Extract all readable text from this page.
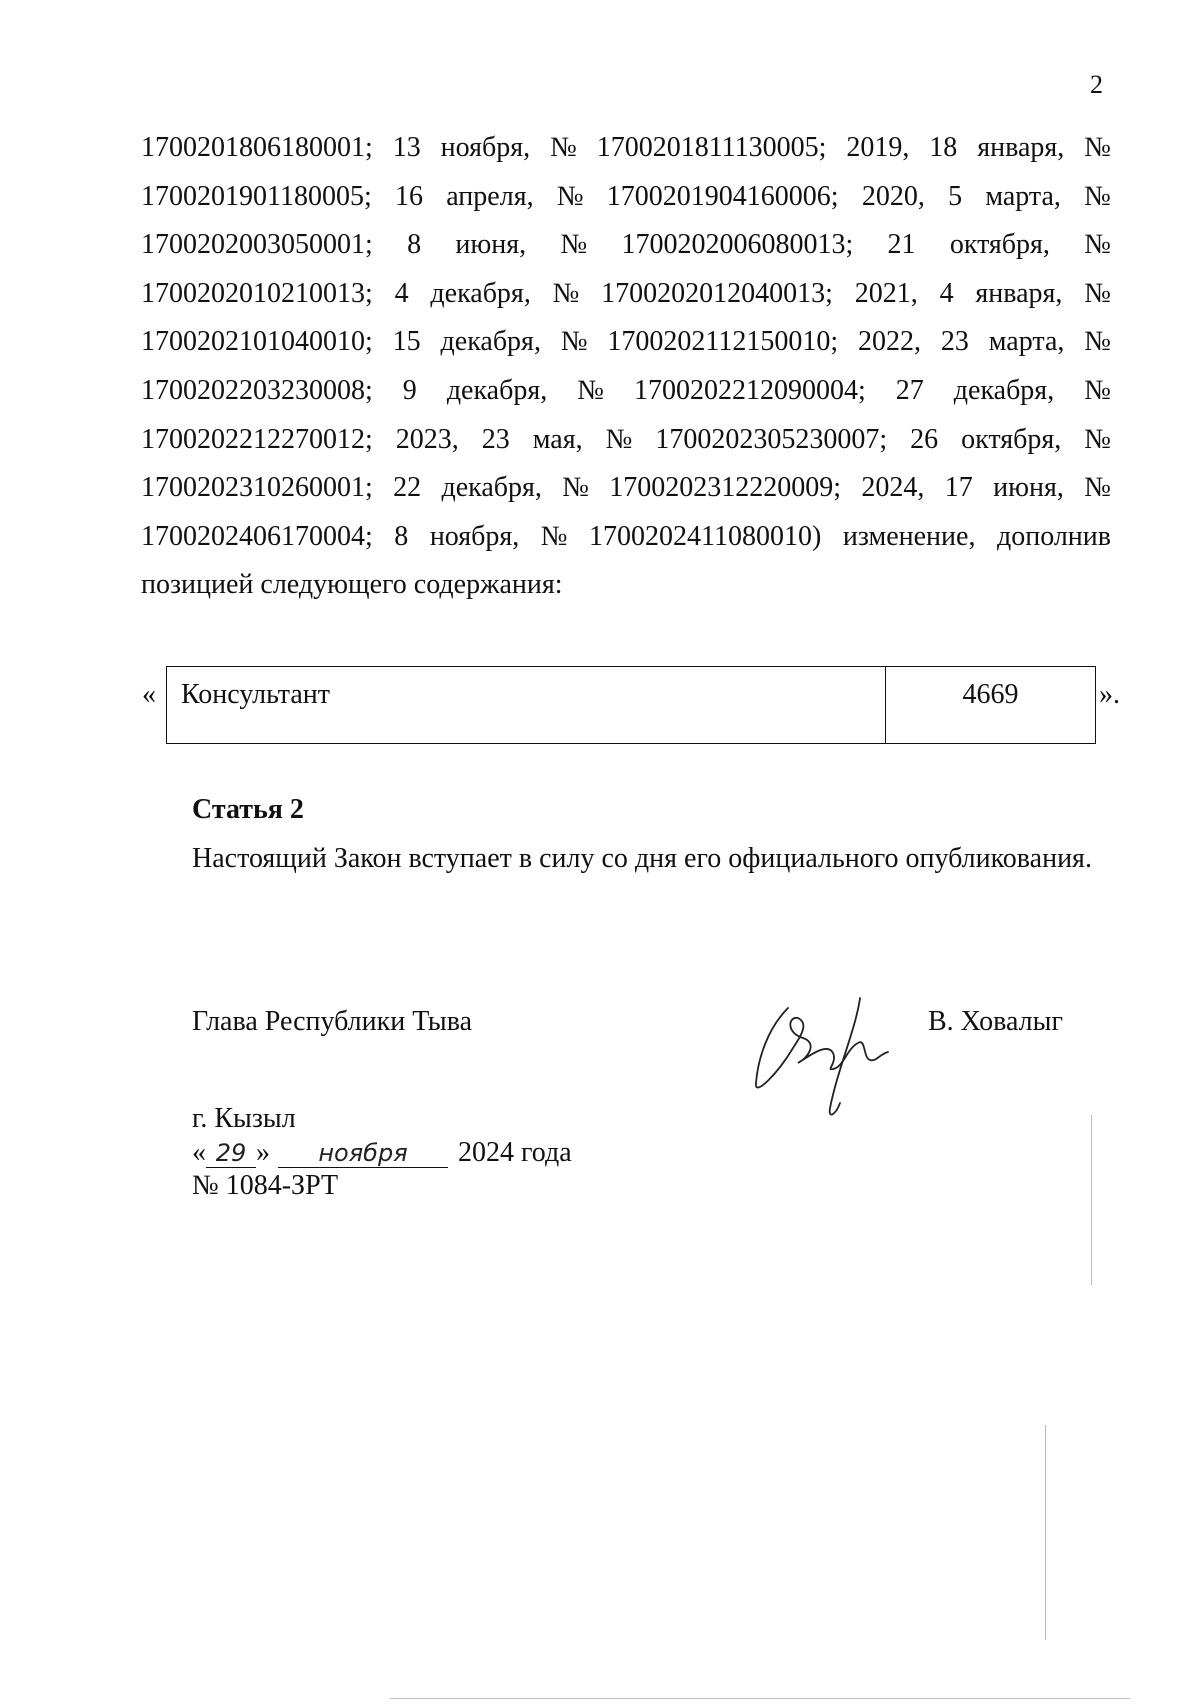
2
1700201806180001; 13 ноября, № 1700201811130005; 2019, 18 января, №
1700201901180005; 16 апреля, № 1700201904160006; 2020, 5 марта, №
1700202003050001; 8 июня, № 1700202006080013; 21 октября, №
1700202010210013; 4 декабря, № 1700202012040013; 2021, 4 января, №
1700202101040010; 15 декабря, № 1700202112150010; 2022, 23 марта, №
1700202203230008; 9 декабря, № 1700202212090004; 27 декабря, №
1700202212270012; 2023, 23 мая, № 1700202305230007; 26 октября, №
1700202310260001; 22 декабря, № 1700202312220009; 2024, 17 июня, №
1700202406170004; 8 ноября, № 1700202411080010) изменение, дополнив
позицией следующего содержания:
« Консультант	4669	».
Статья 2
Настоящий Закон вступает в силу со дня его официального опубликования.
Глава Республики Тыва	В. Ховалыг
г. Кызыл
« 29 » ноября 2024 года
№ 1084-ЗРТ
